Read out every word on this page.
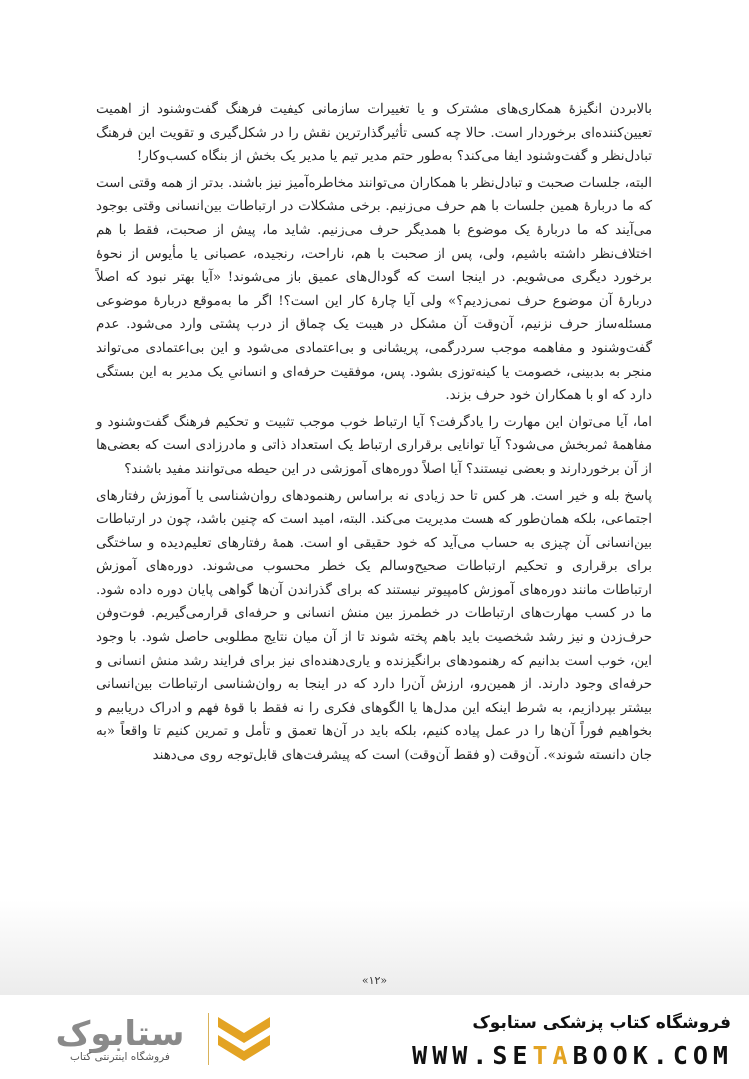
بالابردن انگیزۀ همکاری‌های مشترک و یا تغییرات سازمانی کیفیت فرهنگ گفت‌وشنود از اهمیت تعیین‌کننده‌ای برخوردار است. حالا چه کسی تأثیرگذارترین نقش را در شکل‌گیری و تقویت این فرهنگ تبادل‌نظر و گفت‌وشنود ایفا می‌کند؟ به‌طور حتم مدیر تیم یا مدیر یک بخش از بنگاه کسب‌وکار!

البته، جلسات صحبت و تبادل‌نظر با همکاران می‌توانند مخاطره‌آمیز نیز باشند. بدتر از همه وقتی است که ما دربارۀ همین جلسات با هم حرف می‌زنیم. برخی مشکلات در ارتباطات بین‌انسانی وقتی بوجود می‌آیند که ما دربارۀ یک موضوع با همدیگر حرف می‌زنیم. شاید ما، پیش از صحبت، فقط با هم اختلاف‌نظر داشته باشیم، ولی، پس از صحبت با هم، ناراحت، رنجیده، عصبانی یا مأیوس از نحوۀ برخورد دیگری می‌شویم. در اینجا است که گودال‌های عمیق باز می‌شوند! «آیا بهتر نبود که اصلاً دربارۀ آن موضوع حرف نمی‌زدیم؟» ولی آیا چارۀ کار این است؟! اگر ما به‌موقع دربارۀ موضوعی مسئله‌ساز حرف نزنیم، آن‌وقت آن مشکل در هیبت یک چماق از درب پشتی وارد می‌شود. عدم گفت‌وشنود و مفاهمه موجب سردرگمی، پریشانی و بی‌اعتمادی می‌شود و این بی‌اعتمادی می‌تواند منجر به بدبینی، خصومت یا کینه‌توزی بشود. پس، موفقیت حرفه‌ای و انسانیِ یک مدیر به این بستگی دارد که او با همکاران خود حرف بزند.

اما، آیا می‌توان این مهارت را یادگرفت؟ آیا ارتباط خوب موجب تثبیت و تحکیم فرهنگ گفت‌وشنود و مفاهمۀ ثمربخش می‌شود؟ آیا توانایی برقراری ارتباط یک استعداد ذاتی و مادرزادی است که بعضی‌ها از آن برخوردارند و بعضی نیستند؟ آیا اصلاً دوره‌های آموزشی در این حیطه می‌توانند مفید باشند؟

پاسخ بله و خیر است. هر کس تا حد زیادی نه براساس رهنمودهای روان‌شناسی یا آموزش رفتارهای اجتماعی، بلکه همان‌طور که هست مدیریت می‌کند. البته، امید است که چنین باشد، چون در ارتباطات بین‌انسانی آن چیزی به حساب می‌آید که خود حقیقی او است. همۀ رفتارهای تعلیم‌دیده و ساختگی برای برقراری و تحکیم ارتباطات صحیح‌وسالم یک خطر محسوب می‌شوند. دوره‌های آموزش ارتباطات مانند دوره‌های آموزش کامپیوتر نیستند که برای گذراندن آن‌ها گواهی پایان دوره داده شود. ما در کسب مهارت‌های ارتباطات در خطمرز بین منش انسانی و حرفه‌ای قرارمی‌گیریم. فوت‌وفن حرف‌زدن و نیز رشد شخصیت باید باهم پخته شوند تا از آن میان نتایج مطلوبی حاصل شود. با وجود این، خوب است بدانیم که رهنمودهای برانگیزنده و یاری‌دهنده‌ای نیز برای فرایند رشد منش انسانی و حرفه‌ای وجود دارند. از همین‌رو، ارزش آن‌را دارد که در اینجا به روان‌شناسی ارتباطات بین‌انسانی بیشتر بپردازیم، به شرط اینکه این مدل‌ها یا الگوهای فکری را نه فقط با قوۀ فهم و ادراک دریابیم و بخواهیم فوراً آن‌ها را در عمل پیاده کنیم، بلکه باید در آن‌ها تعمق و تأمل و تمرین کنیم تا واقعاً «به جان دانسته شوند». آن‌وقت (و فقط آن‌وقت) است که پیشرفت‌های قابل‌توجه روی می‌دهند

«۱۲»
ستابوک
فروشگاه اینترنتی کتاب
فروشگاه کتاب پزشکی ستابوک
WWW.SETABOOK.COM
